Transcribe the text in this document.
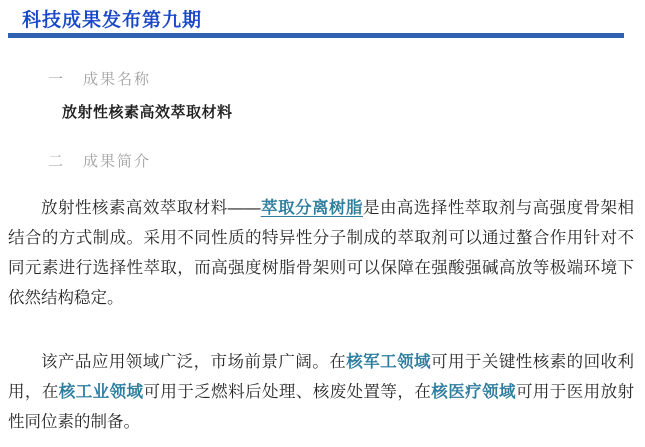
科技成果发布第九期
一 成果名称
放射性核素高效萃取材料
二 成果简介

放射性核素高效萃取材料——萃取分离树脂是由高选择性萃取剂与高强度骨架相结合的方式制成。采用不同性质的特异性分子制成的萃取剂可以通过螯合作用针对不同元素进行选择性萃取，而高强度树脂骨架则可以保障在强酸强碱高放等极端环境下依然结构稳定。

该产品应用领域广泛，市场前景广阔。在核军工领域可用于关键性核素的回收利用，在核工业领域可用于乏燃料后处理、核废处置等，在核医疗领域可用于医用放射性同位素的制备。
